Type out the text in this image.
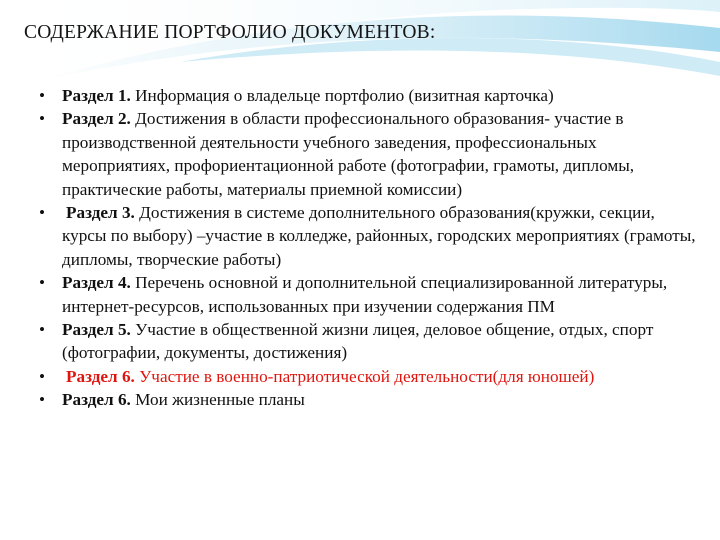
СОДЕРЖАНИЕ ПОРТФОЛИО ДОКУМЕНТОВ:
• Раздел 1. Информация о владельце портфолио (визитная карточка)
• Раздел 2. Достижения в области профессионального образования- участие в производственной деятельности учебного заведения, профессиональных мероприятиях, профориентационной работе (фотографии, грамоты, дипломы, практические работы, материалы приемной комиссии)
• Раздел 3. Достижения в системе дополнительного образования(кружки, секции, курсы по выбору) –участие в колледже, районных, городских мероприятиях (грамоты, дипломы, творческие работы)
• Раздел 4. Перечень основной и дополнительной специализированной литературы, интернет-ресурсов, использованных при изучении содержания ПМ
• Раздел 5. Участие в общественной жизни лицея, деловое общение, отдых, спорт (фотографии, документы, достижения)
• Раздел 6. Участие в военно-патриотической деятельности(для юношей)
• Раздел 6. Мои жизненные планы
